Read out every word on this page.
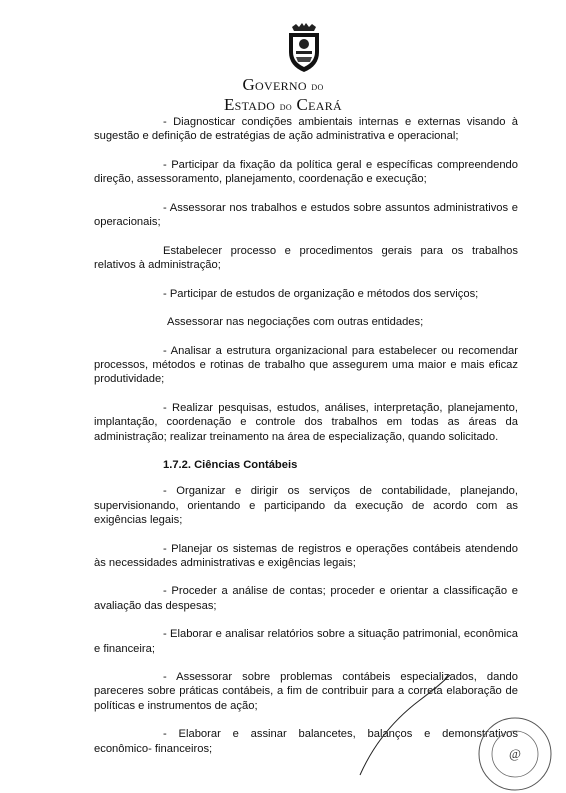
Governo do
Estado do Ceará

- Diagnosticar condições ambientais internas e externas visando à sugestão e definição de estratégias de ação administrativa e operacional;

- Participar da fixação da política geral e específicas compreendendo direção, assessoramento, planejamento, coordenação e execução;

- Assessorar nos trabalhos e estudos sobre assuntos administrativos e operacionais;

Estabelecer processo e procedimentos gerais para os trabalhos relativos à administração;

- Participar de estudos de organização e métodos dos serviços;

Assessorar nas negociações com outras entidades;

- Analisar a estrutura organizacional para estabelecer ou recomendar processos, métodos e rotinas de trabalho que assegurem uma maior e mais eficaz produtividade;

- Realizar pesquisas, estudos, análises, interpretação, planejamento, implantação, coordenação e controle dos trabalhos em todas as áreas da administração; realizar treinamento na área de especialização, quando solicitado.

1.7.2. Ciências Contábeis

- Organizar e dirigir os serviços de contabilidade, planejando, supervisionando, orientando e participando da execução de acordo com as exigências legais;

- Planejar os sistemas de registros e operações contábeis atendendo às necessidades administrativas e exigências legais;

- Proceder a análise de contas; proceder e orientar a classificação e avaliação das despesas;

- Elaborar e analisar relatórios sobre a situação patrimonial, econômica e financeira;

- Assessorar sobre problemas contábeis especializados, dando pareceres sobre práticas contábeis, a fim de contribuir para a correta elaboração de políticas e instrumentos de ação;

- Elaborar e assinar balancetes, balanços e demonstrativos econômico- financeiros;	@
